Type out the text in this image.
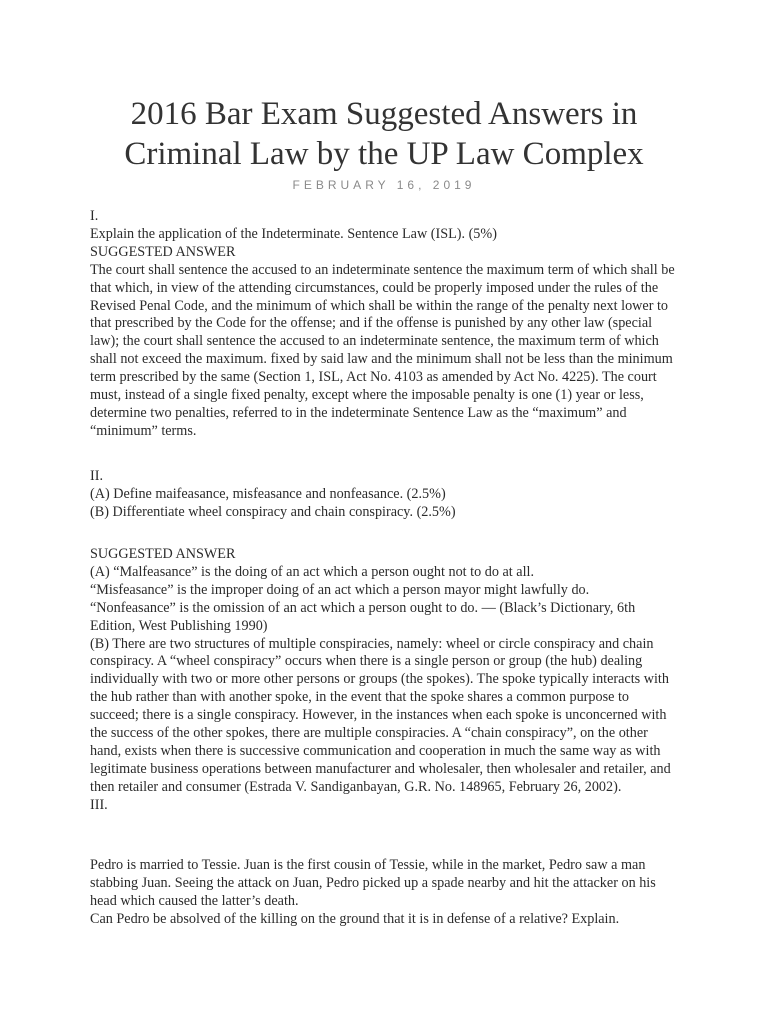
2016 Bar Exam Suggested Answers in
Criminal Law by the UP Law Complex
FEBRUARY 16, 2019

I.

Explain the application of the Indeterminate. Sentence Law (ISL). (5%)

SUGGESTED ANSWER

The court shall sentence the accused to an indeterminate sentence the maximum term of which shall be that which, in view of the attending circumstances, could be properly imposed under the rules of the Revised Penal Code, and the minimum of which shall be within the range of the penalty next lower to that prescribed by the Code for the offense; and if the offense is punished by any other law (special law); the court shall sentence the accused to an indeterminate sentence, the maximum term of which shall not exceed the maximum. fixed by said law and the minimum shall not be less than the minimum term prescribed by the same (Section 1, ISL, Act No. 4103 as amended by Act No. 4225). The court must, instead of a single fixed penalty, except where the imposable penalty is one (1) year or less, determine two penalties, referred to in the indeterminate Sentence Law as the “maximum” and “minimum” terms.

II.

(A) Define maifeasance, misfeasance and nonfeasance. (2.5%)

(B) Differentiate wheel conspiracy and chain conspiracy. (2.5%)

SUGGESTED ANSWER

(A) “Malfeasance” is the doing of an act which a person ought not to do at all.

“Misfeasance” is the improper doing of an act which a person mayor might lawfully do.

“Nonfeasance” is the omission of an act which a person ought to do. — (Black’s Dictionary, 6th Edition, West Publishing 1990)

(B) There are two structures of multiple conspiracies, namely: wheel or circle conspiracy and chain conspiracy. A “wheel conspiracy” occurs when there is a single person or group (the hub) dealing individually with two or more other persons or groups (the spokes). The spoke typically interacts with the hub rather than with another spoke, in the event that the spoke shares a common purpose to succeed; there is a single conspiracy. However, in the instances when each spoke is unconcerned with the success of the other spokes, there are multiple conspiracies. A “chain conspiracy”, on the other hand, exists when there is successive communication and cooperation in much the same way as with legitimate business operations between manufacturer and wholesaler, then wholesaler and retailer, and then retailer and consumer (Estrada V. Sandiganbayan, G.R. No. 148965, February 26, 2002).

III.

Pedro is married to Tessie. Juan is the first cousin of Tessie, while in the market, Pedro saw a man stabbing Juan. Seeing the attack on Juan, Pedro picked up a spade nearby and hit the attacker on his head which caused the latter’s death.

Can Pedro be absolved of the killing on the ground that it is in defense of a relative? Explain.
